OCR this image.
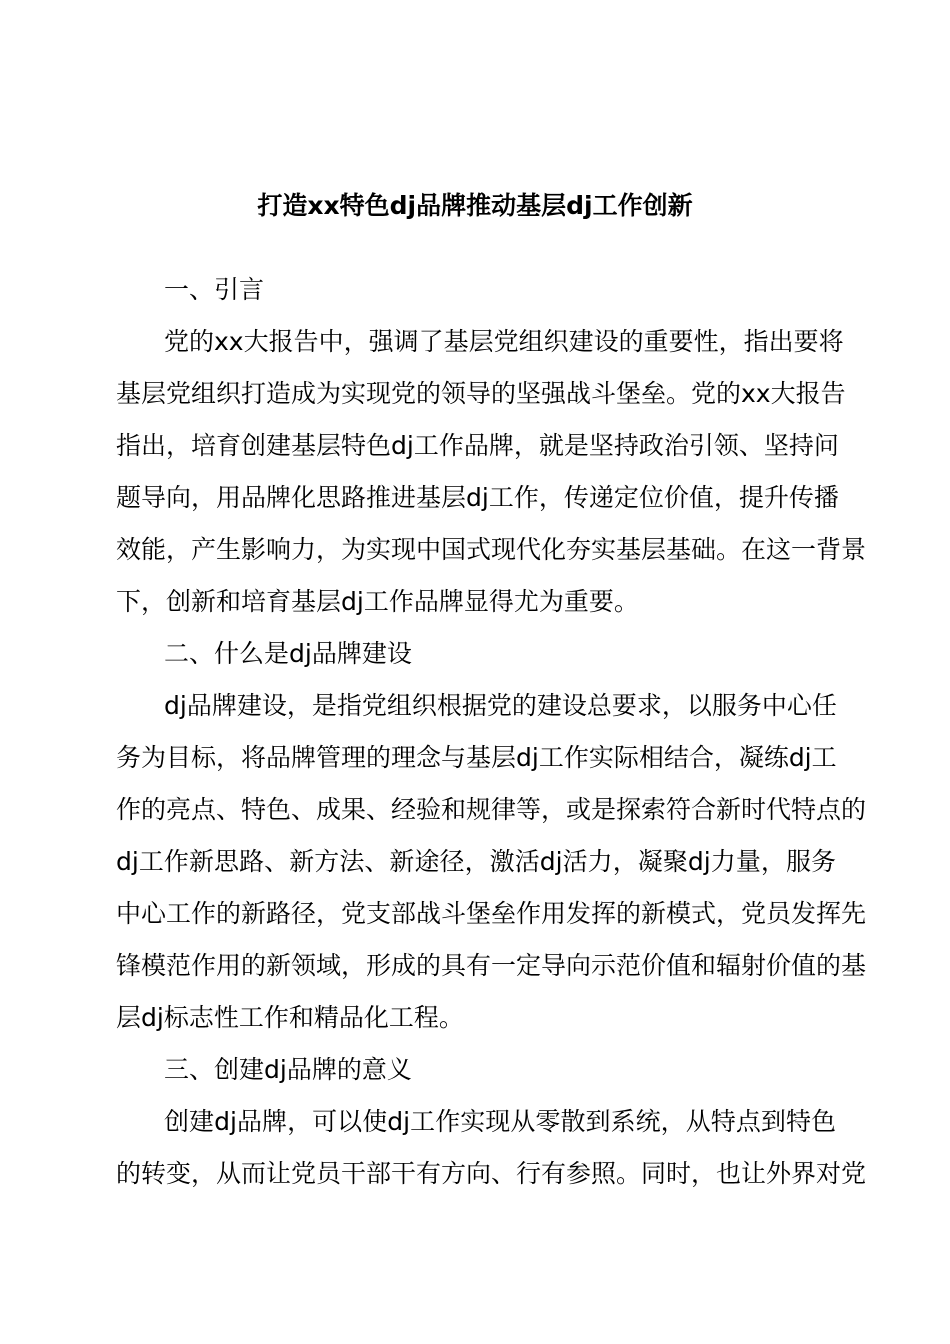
打造xx特色dj品牌推动基层dj工作创新
一、引言
党的xx大报告中，强调了基层党组织建设的重要性，指出要将
基层党组织打造成为实现党的领导的坚强战斗堡垒。党的xx大报告
指出，培育创建基层特色dj工作品牌，就是坚持政治引领、坚持问
题导向，用品牌化思路推进基层dj工作，传递定位价值，提升传播
效能，产生影响力，为实现中国式现代化夯实基层基础。在这一背景
下，创新和培育基层dj工作品牌显得尤为重要。
二、什么是dj品牌建设
dj品牌建设，是指党组织根据党的建设总要求，以服务中心任
务为目标，将品牌管理的理念与基层dj工作实际相结合，凝练dj工
作的亮点、特色、成果、经验和规律等，或是探索符合新时代特点的
dj工作新思路、新方法、新途径，激活dj活力，凝聚dj力量，服务
中心工作的新路径，党支部战斗堡垒作用发挥的新模式，党员发挥先
锋模范作用的新领域，形成的具有一定导向示范价值和辐射价值的基
层dj标志性工作和精品化工程。
三、创建dj品牌的意义
创建dj品牌，可以使dj工作实现从零散到系统，从特点到特色
的转变，从而让党员干部干有方向、行有参照。同时，也让外界对党
